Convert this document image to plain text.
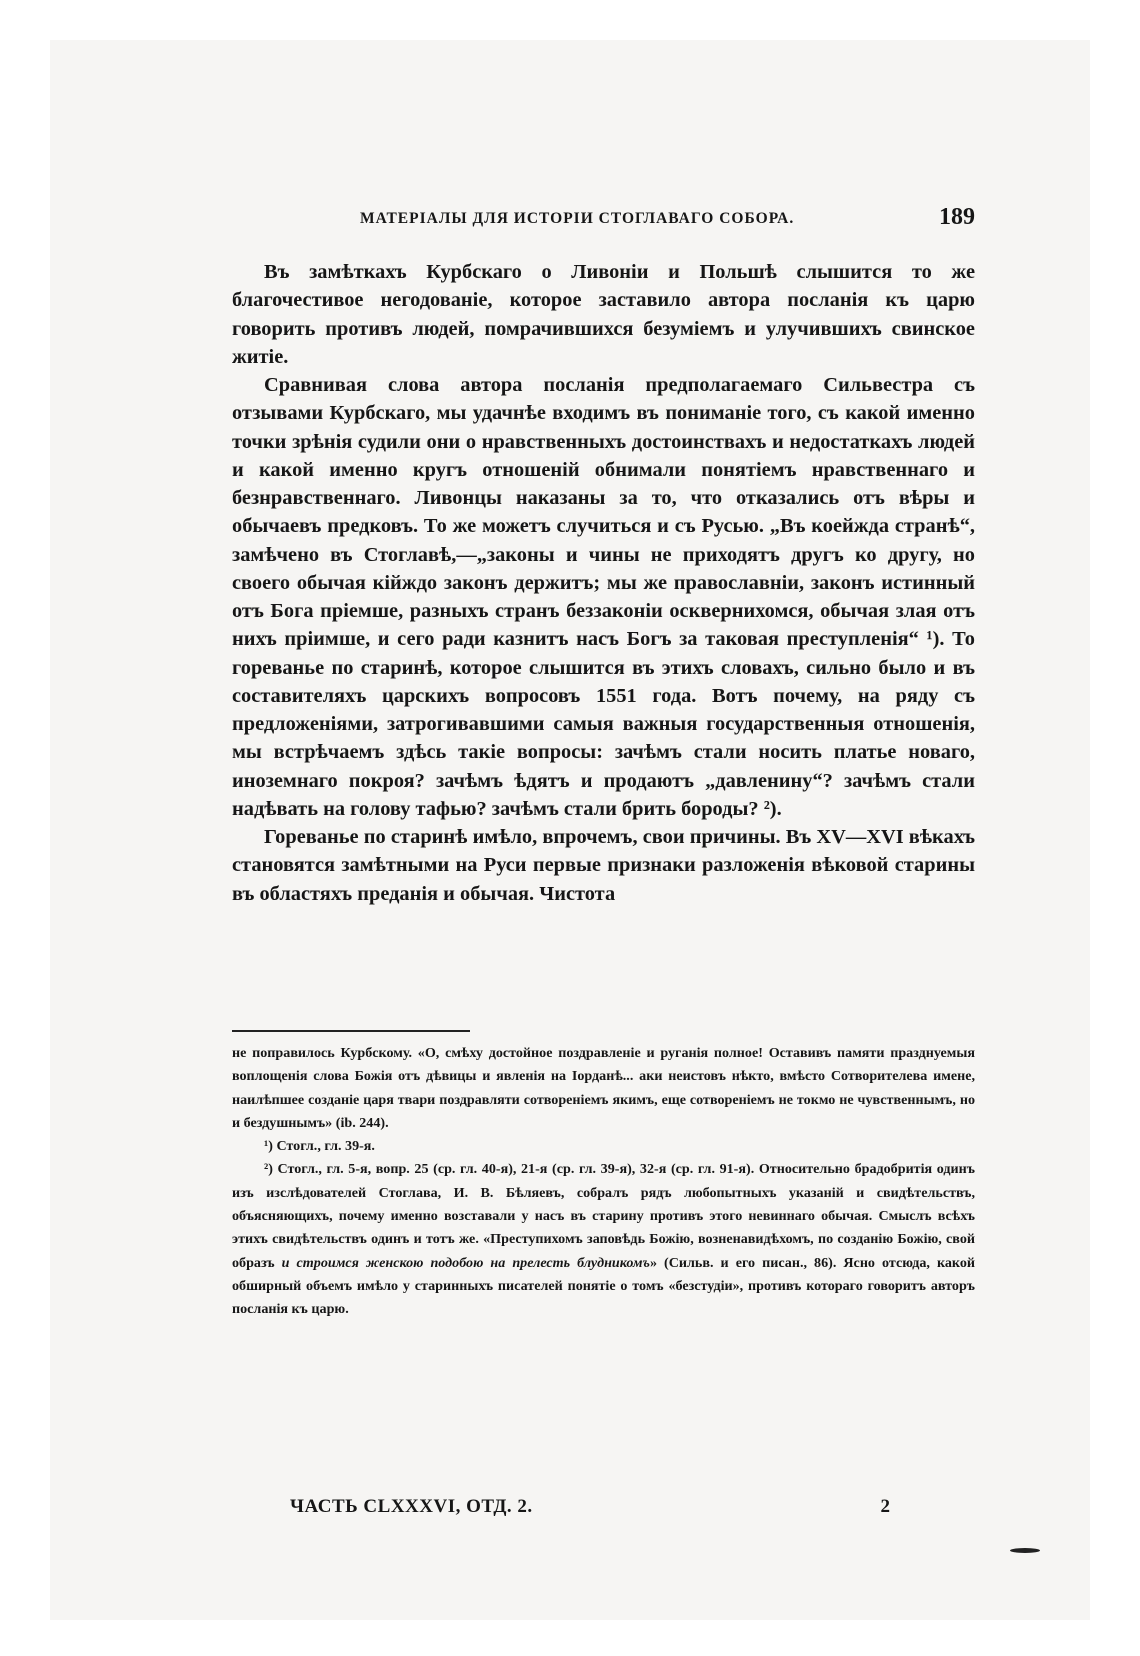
МАТЕРІАЛЫ ДЛЯ ИСТОРІИ СТОГЛАВАГО СОБОРА.	189

Въ замѣткахъ Курбскаго о Ливоніи и Польшѣ слышится то же благочестивое негодованіе, которое заставило автора посланія къ царю говорить противъ людей, помрачившихся безуміемъ и улучившихъ свинское житіе.

Сравнивая слова автора посланія предполагаемаго Сильвестра съ отзывами Курбскаго, мы удачнѣе входимъ въ пониманіе того, съ какой именно точки зрѣнія судили они о нравственныхъ достоинствахъ и недостаткахъ людей и какой именно кругъ отношеній обнимали понятіемъ нравственнаго и безнравственнаго. Ливонцы наказаны за то, что отказались отъ вѣры и обычаевъ предковъ. То же можетъ случиться и съ Русью. „Въ коейжда странѣ“, замѣчено въ Стоглавѣ,—„законы и чины не приходятъ другъ ко другу, но своего обычая кійждо законъ держитъ; мы же православніи, законъ истинный отъ Бога пріемше, разныхъ странъ беззаконіи осквернихомся, обычая злая отъ нихъ пріимше, и сего ради казнитъ насъ Богъ за таковая преступленія“ ¹). То гореванье по старинѣ, которое слышится въ этихъ словахъ, сильно было и въ составителяхъ царскихъ вопросовъ 1551 года. Вотъ почему, на ряду съ предложеніями, затрогивавшими самыя важныя государственныя отношенія, мы встрѣчаемъ здѣсь такіе вопросы: зачѣмъ стали носить платье новаго, иноземнаго покроя? зачѣмъ ѣдятъ и продаютъ „давленину“? зачѣмъ стали надѣвать на голову тафью? зачѣмъ стали брить бороды? ²).

Гореванье по старинѣ имѣло, впрочемъ, свои причины. Въ XV—XVI вѣкахъ становятся замѣтными на Руси первые признаки разложенія вѣковой старины въ областяхъ преданія и обычая. Чистота

не поправилось Курбскому. «О, смѣху достойное поздравленіе и руганія полное! Оставивъ памяти празднуемыя воплощенія слова Божія отъ дѣвицы и явленія на Іорданѣ... аки неистовъ нѣкто, вмѣсто Сотворителева имене, наилѣпшее созданіе царя твари поздравляти сотвореніемъ якимъ, еще сотвореніемъ не токмо не чувственнымъ, но и бездушнымъ» (ib. 244).

¹) Стогл., гл. 39-я.

²) Стогл., гл. 5-я, вопр. 25 (ср. гл. 40-я), 21-я (ср. гл. 39-я), 32-я (ср. гл. 91-я). Относительно брадобритія одинъ изъ изслѣдователей Стоглава, И. В. Бѣляевъ, собралъ рядъ любопытныхъ указаній и свидѣтельствъ, объясняющихъ, почему именно возставали у насъ въ старину противъ этого невиннаго обычая. Смыслъ всѣхъ этихъ свидѣтельствъ одинъ и тотъ же. «Преступихомъ заповѣдь Божію, возненавидѣхомъ, по созданію Божію, свой образъ и строимся женскою подобою на прелесть блудникомъ» (Сильв. и его писан., 86). Ясно отсюда, какой обширный объемъ имѣло у старинныхъ писателей понятіе о томъ «безстудіи», противъ котораго говоритъ авторъ посланія къ царю.

ЧАСТЬ CLXXXVI, ОТД. 2.	2
